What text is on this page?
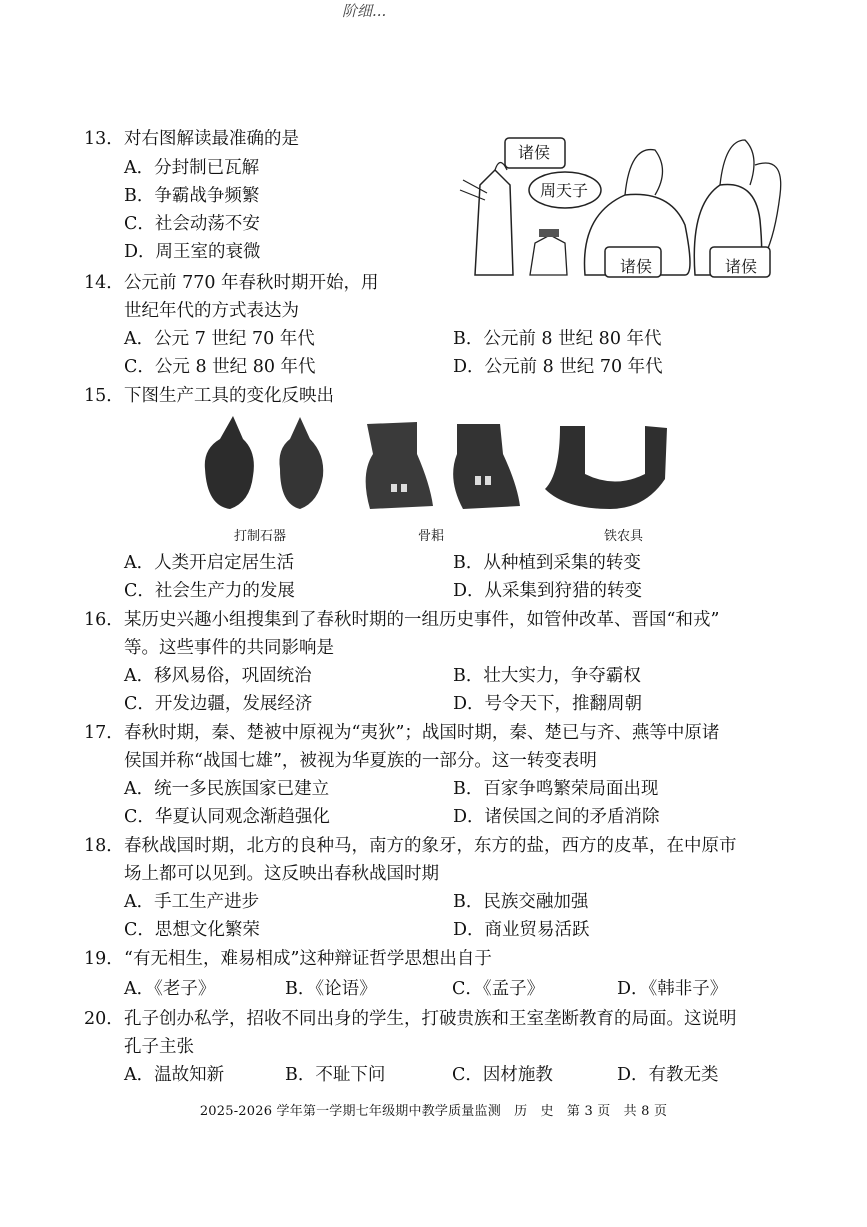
阶细...
13．对右图解读最准确的是
A．分封制已瓦解
B．争霸战争频繁
C．社会动荡不安
D．周王室的衰微
诸侯
周天子
诸侯	诸侯
14．公元前 770 年春秋时期开始，用
世纪年代的方式表达为
A．公元 7 世纪 70 年代	B．公元前 8 世纪 80 年代
C．公元 8 世纪 80 年代	D．公元前 8 世纪 70 年代
15．下图生产工具的变化反映出
打制石器	骨耜	铁农具
A．人类开启定居生活	B．从种植到采集的转变
C．社会生产力的发展	D．从采集到狩猎的转变
16．某历史兴趣小组搜集到了春秋时期的一组历史事件，如管仲改革、晋国“和戎”
等。这些事件的共同影响是
A．移风易俗，巩固统治	B．壮大实力，争夺霸权
C．开发边疆，发展经济	D．号令天下，推翻周朝
17．春秋时期，秦、楚被中原视为“夷狄”；战国时期，秦、楚已与齐、燕等中原诸
侯国并称“战国七雄”，被视为华夏族的一部分。这一转变表明
A．统一多民族国家已建立	B．百家争鸣繁荣局面出现
C．华夏认同观念渐趋强化	D．诸侯国之间的矛盾消除
18．春秋战国时期，北方的良种马，南方的象牙，东方的盐，西方的皮革，在中原市
场上都可以见到。这反映出春秋战国时期
A．手工生产进步	B．民族交融加强
C．思想文化繁荣	D．商业贸易活跃
19．“有无相生，难易相成”这种辩证哲学思想出自于
A．《老子》	B．《论语》	C．《孟子》	D．《韩非子》
20．孔子创办私学，招收不同出身的学生，打破贵族和王室垄断教育的局面。这说明
孔子主张
A．温故知新	B．不耻下问	C．因材施教	D．有教无类
2025-2026 学年第一学期七年级期中教学质量监测　历　史　第 3 页　共 8 页
